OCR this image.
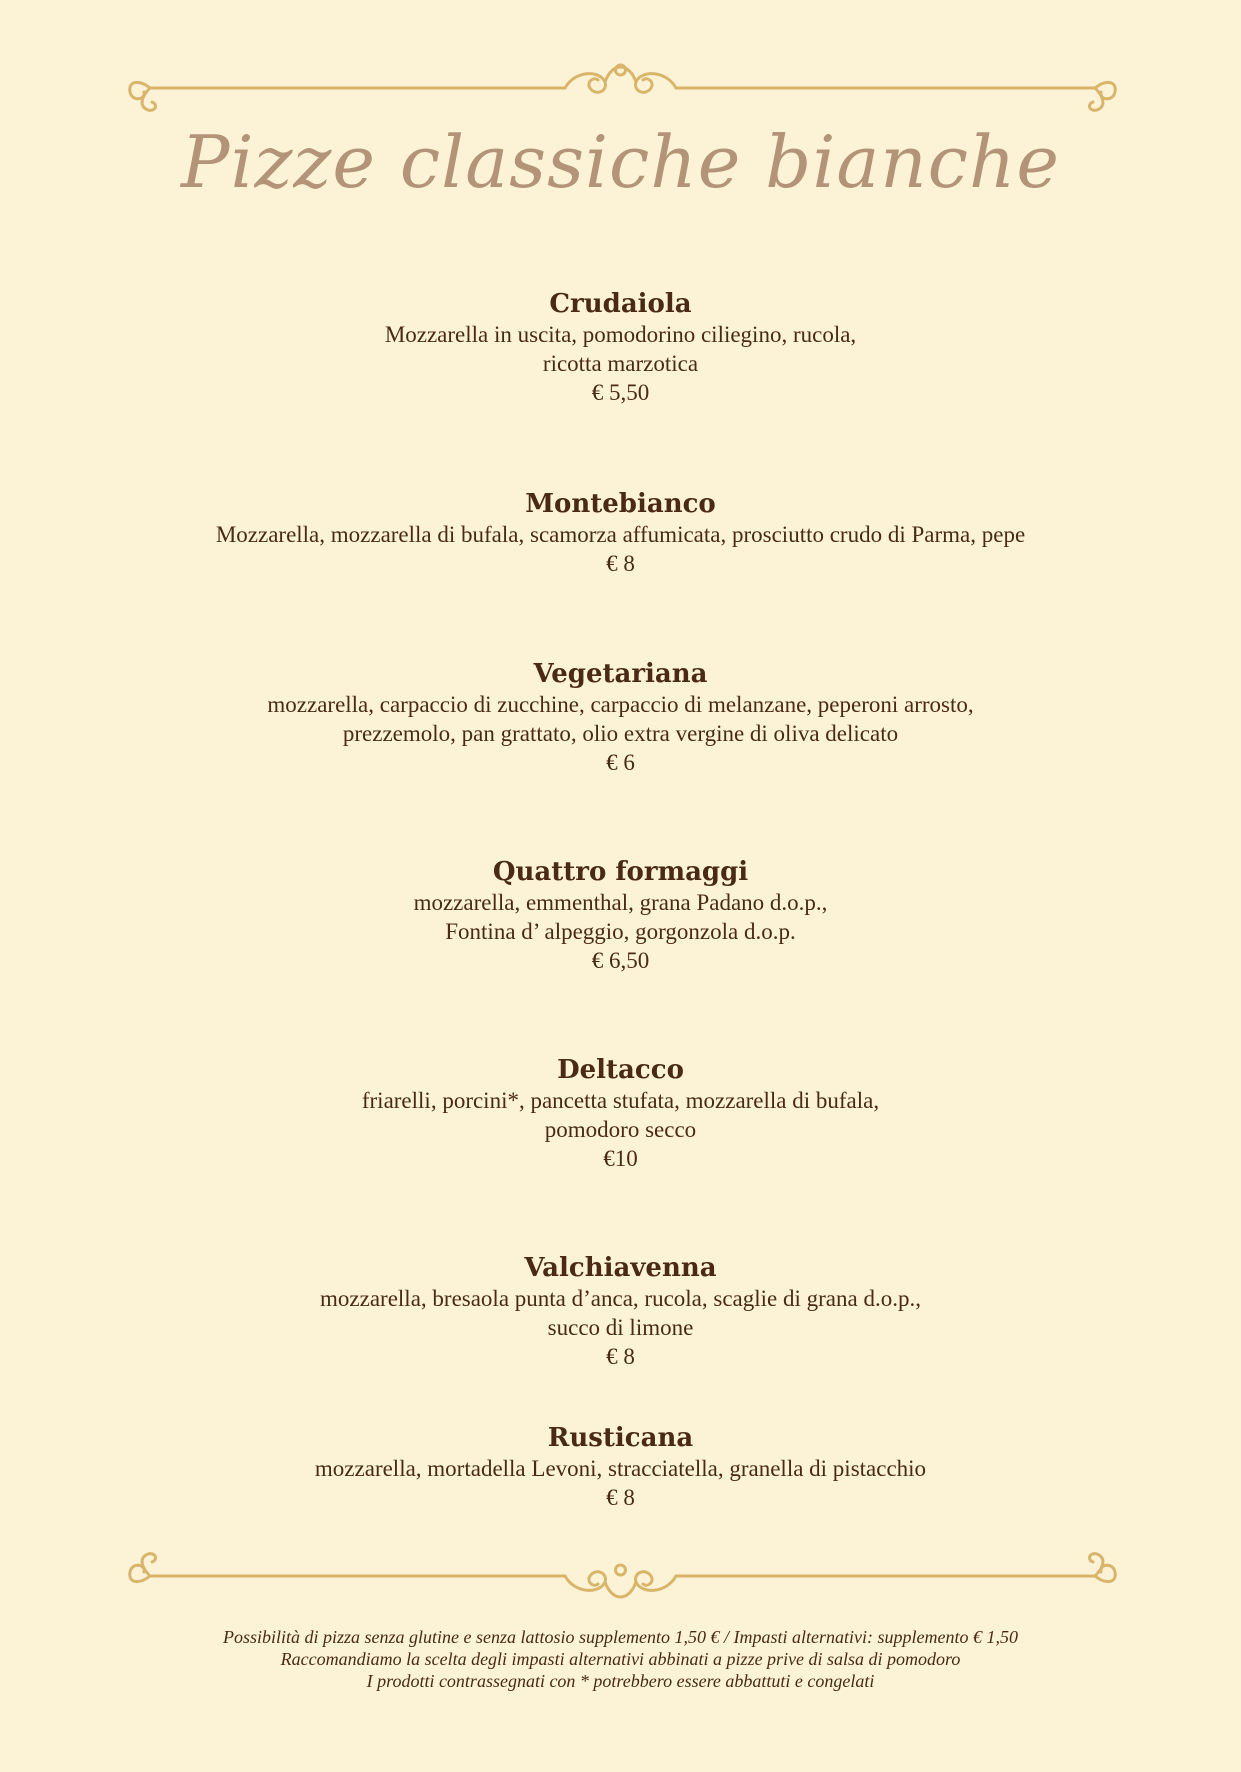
Pizze classiche bianche
Crudaiola
Mozzarella in uscita, pomodorino ciliegino, rucola,
ricotta marzotica
€ 5,50
Montebianco
Mozzarella, mozzarella di bufala, scamorza affumicata, prosciutto crudo di Parma, pepe
€ 8
Vegetariana
mozzarella, carpaccio di zucchine, carpaccio di melanzane, peperoni arrosto,
prezzemolo, pan grattato, olio extra vergine di oliva delicato
€ 6
Quattro formaggi
mozzarella, emmenthal, grana Padano d.o.p.,
Fontina d’ alpeggio, gorgonzola d.o.p.
€ 6,50
Deltacco
friarelli, porcini*, pancetta stufata, mozzarella di bufala,
pomodoro secco
€10
Valchiavenna
mozzarella, bresaola punta d’anca, rucola, scaglie di grana d.o.p.,
succo di limone
€ 8
Rusticana
mozzarella, mortadella Levoni, stracciatella, granella di pistacchio
€ 8
Possibilità di pizza senza glutine e senza lattosio supplemento 1,50 € / Impasti alternativi: supplemento € 1,50
Raccomandiamo la scelta degli impasti alternativi abbinati a pizze prive di salsa di pomodoro
I prodotti contrassegnati con * potrebbero essere abbattuti e congelati
